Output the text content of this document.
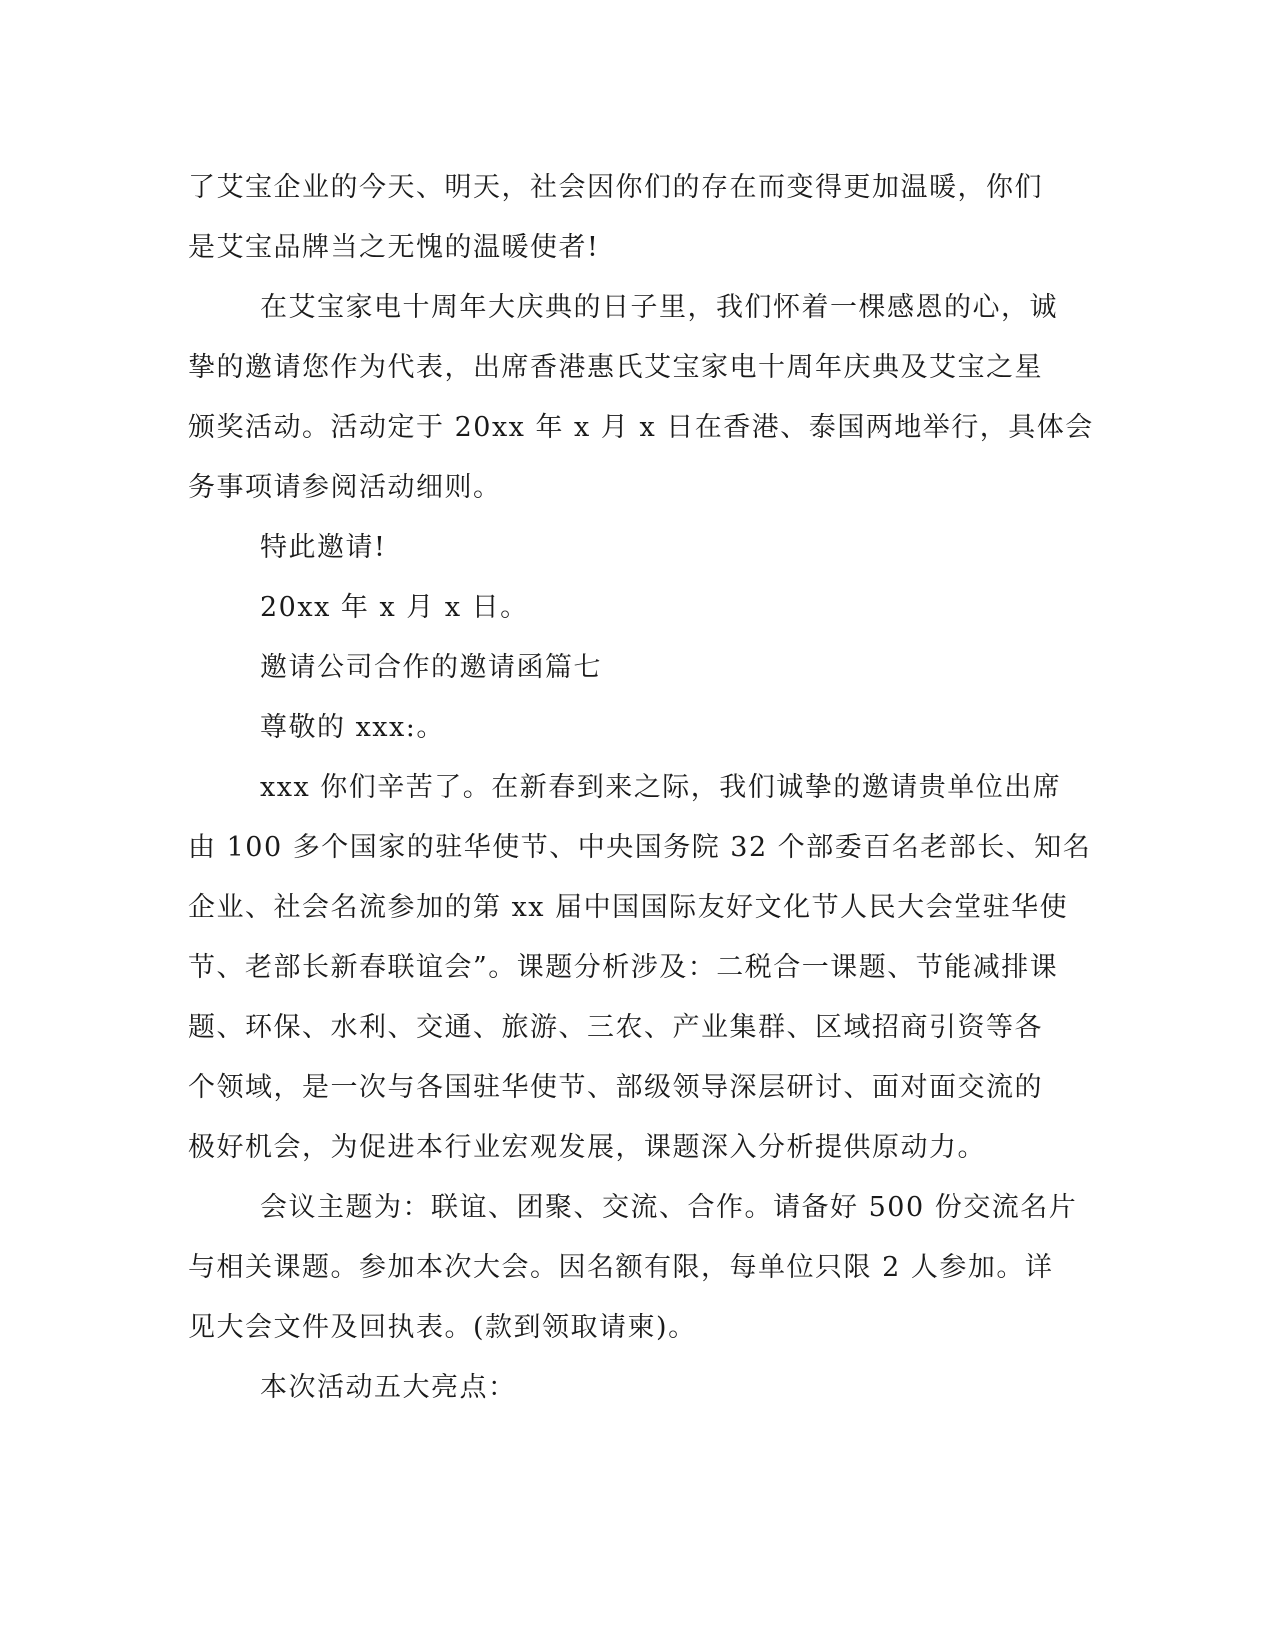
了艾宝企业的今天、明天，社会因你们的存在而变得更加温暖，你们
是艾宝品牌当之无愧的温暖使者!
在艾宝家电十周年大庆典的日子里，我们怀着一棵感恩的心，诚
挚的邀请您作为代表，出席香港惠氏艾宝家电十周年庆典及艾宝之星
颁奖活动。活动定于 20xx 年 x 月 x 日在香港、泰国两地举行，具体会
务事项请参阅活动细则。
特此邀请!
20xx 年 x 月 x 日。
邀请公司合作的邀请函篇七
尊敬的 xxx:。
xxx 你们辛苦了。在新春到来之际，我们诚挚的邀请贵单位出席
由 100 多个国家的驻华使节、中央国务院 32 个部委百名老部长、知名
企业、社会名流参加的第 xx 届中国国际友好文化节人民大会堂驻华使
节、老部长新春联谊会”。课题分析涉及：二税合一课题、节能减排课
题、环保、水利、交通、旅游、三农、产业集群、区域招商引资等各
个领域，是一次与各国驻华使节、部级领导深层研讨、面对面交流的
极好机会，为促进本行业宏观发展，课题深入分析提供原动力。
会议主题为：联谊、团聚、交流、合作。请备好 500 份交流名片
与相关课题。参加本次大会。因名额有限，每单位只限 2 人参加。详
见大会文件及回执表。(款到领取请柬)。
本次活动五大亮点：
